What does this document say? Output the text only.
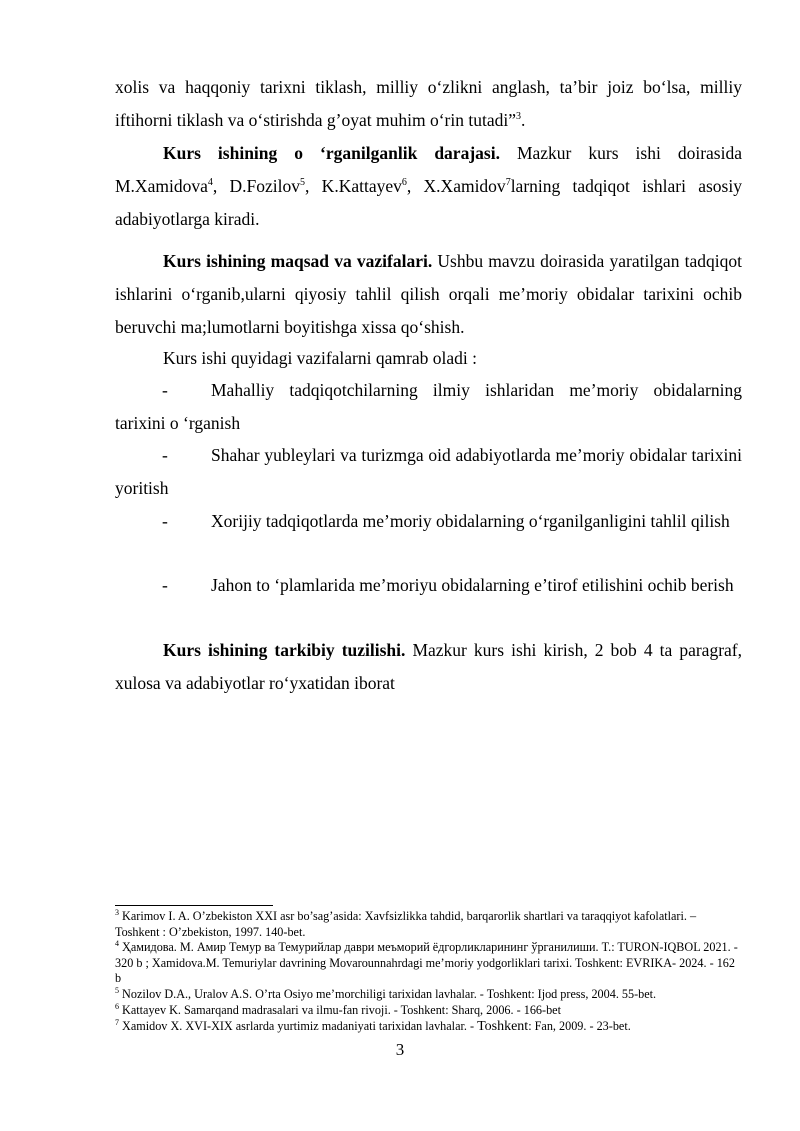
xolis va haqqoniy tarixni tiklash, milliy o‘zlikni anglash, ta’bir joiz bo‘lsa, milliy iftihorni tiklash va o‘stirishda g’oyat muhim o‘rin tutadi”$^3$.

Kurs ishining o ‘rganilganlik darajasi. Mazkur kurs ishi doirasida M.Xamidova$^4$, D.Fozilov$^5$, K.Kattayev$^6$, X.Xamidov$^7$larning tadqiqot ishlari asosiy adabiyotlarga kiradi.

Kurs ishining maqsad va vazifalari. Ushbu mavzu doirasida yaratilgan tadqiqot ishlarini o‘rganib,ularni qiyosiy tahlil qilish orqali me’moriy obidalar tarixini ochib beruvchi ma;lumotlarni boyitishga xissa qo‘shish.

Kurs ishi quyidagi vazifalarni qamrab oladi :
-	Mahalliy tadqiqotchilarning ilmiy ishlaridan me’moriy obidalarning tarixini o ‘rganish

-	Shahar yubleylari va turizmga oid adabiyotlarda me’moriy obidalar tarixini yoritish

-	Xorijiy tadqiqotlarda me’moriy obidalarning o‘rganilganligini tahlil qilish

-	Jahon to ‘plamlarida me’moriyu obidalarning e’tirof etilishini ochib berish

Kurs ishining tarkibiy tuzilishi. Mazkur kurs ishi kirish, 2 bob 4 ta paragraf, xulosa va adabiyotlar ro‘yxatidan iborat

$^3$ Karimov I. A. O’zbekiston XXI asr bo’sag’asida: Xavfsizlikka tahdid, barqarorlik shartlari va taraqqiyot kafolatlari. – Toshkent : O’zbekiston, 1997. 140-bet.

$^4$ Ҳамидова. М. Амир Темур ва Темурийлар даври меъморий ёдгорликларининг ўрганилиши. T.: TURON-IQBOL 2021. - 320 b ; Xamidova.M. Temuriylar davrining Movarounnahrdagi me’moriy yodgorliklari tarixi. Toshkent: EVRIKA- 2024. - 162 b

$^5$ Nozilov D.A., Uralov A.S. O’rta Osiyo me’morchiligi tarixidan lavhalar. - Toshkent: Ijod press, 2004. 55-bet.

$^6$ Kattayev K. Samarqand madrasalari va ilmu-fan rivoji. - Toshkent: Sharq, 2006. - 166-bet

$^7$ Xamidov X. XVI-XIX asrlarda yurtimiz madaniyati tarixidan lavhalar. - Toshkent: Fan, 2009. - 23-bet.

3
